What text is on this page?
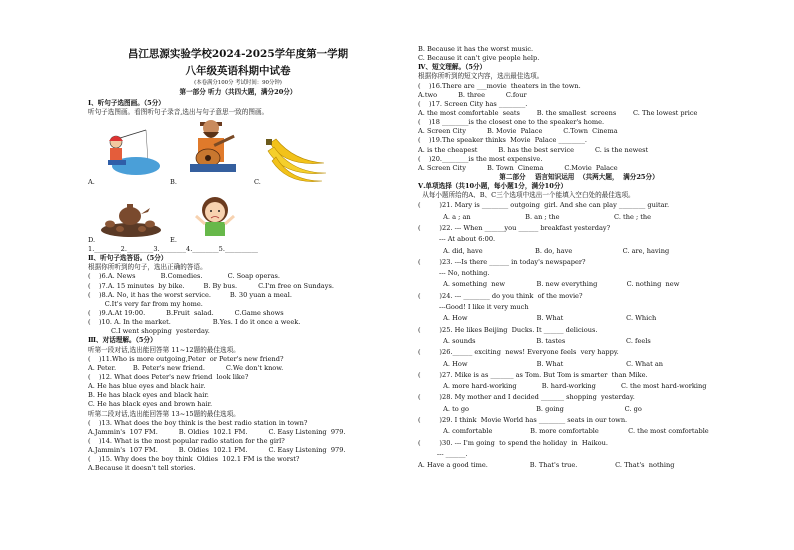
昌江思源实验学校2024-2025学年度第一学期
八年级英语科期中试卷
(本卷满分100分 考试时间：90分钟)
第一部分 听力（共四大题，满分20分）
Ⅰ、听句子选图画。（5分）
听句子选图画。看图听句子录音,选出与句子意思一致的图画。
A.	B.	C.
D.	E.
1.________2.________3.________4.________5.__________
Ⅱ、听句子选答语。（5分）
根据你所听到的句子，选出正确的答语。
(    )6.A. News            B.Comedies.            C. Soap operas.
(    )7.A. 15 minutes  by bike.         B. By bus.          C.I'm free on Sundays.
(    )8.A. No, it has the worst service.         B. 30 yuan a meal.
C.It's very far from my home.
(    )9.A.At 19:00.          B.Fruit  salad.          C.Game shows
(    )10. A. In the market.                    B.Yes. I do it once a week.
C.I went shopping  yesterday.
Ⅲ、对话理解。（5分）
听第一段对话,选出能回答第 11~12题的最佳选项。
(    )11.Who is more outgoing,Peter  or Peter's new friend?
A. Peter.        B. Peter's new friend.          C.We don't know.
(    )12. What does Peter's new friend  look like?
A. He has blue eyes and black hair.
B. He has black eyes and black hair.
C. He has black eyes and brown hair.
听第二段对话,选出能回答第 13~15题的最佳选项。
(    )13. What does the boy think is the best radio station in town?
A.Jammin's  107 FM.          B. Oldies  102.1 FM.          C. Easy Listening  979.
(    )14. What is the most popular radio station for the girl?
A.Jammin's  107 FM.          B. Oldies  102.1 FM.          C. Easy Listening  979.
(    )15. Why does the boy think  Oldies  102.1 FM is the worst?
A.Because it doesn't tell stories.
B. Because it has the worst music.
C. Because it can't give people help.
Ⅳ、短文理解。（5分）
根据你所听到的短文内容，选出最佳选项。
(    )16.There are ___movie  theaters in the town.
A.two          B. three          C.four
(    )17. Screen City has ________.
A. the most comfortable  seats        B. the smallest  screens        C. The lowest price
(    )18 ________is the closest one to the speaker's home.
A. Screen City          B. Movie  Palace          C.Town  Cinema
(    )19.The speaker thinks  Movie  Palace ________.
A. is the cheapest          B. has the best service          C. is the newest
(    )20.________is the most expensive.
A. Screen City          B. Town  Cinema          C.Movie  Palace
第二部分    语言知识运用  （共两大题，  满分25分）
Ⅴ.单项选择（共10小题，每小题1分，满分10分）
从每小题所给的A、B、C三个选项中选出一个能填入空白处的最佳选项。
(         )21. Mary is ________ outgoing  girl. And she can play ________ guitar.
A. a ; an                          B. an ; the                          C. the ; the
(         )22. --- When ______you ______ breakfast yesterday?
--- At about 6:00.
A. did, have                         B. do, have                        C. are, having
(         )23. ---Is there ______ in today's newspaper?
--- No, nothing.
A. something  new               B. new everything              C. nothing  new
(         )24. --- ________ do you think  of the movie?
---Good! I like it very much
A. How                                 B. What                              C. Which
(         )25. He likes Beijing  Ducks. It ______ delicious.
A. sounds                             B. tastes                             C. feels
(         )26.______ exciting  news! Everyone feels  very happy.
A. How                                 B. What                              C. What an
(         )27. Mike is as _______ as Tom. But Tom is smarter  than Mike.
A. more hard-working            B. hard-working            C. the most hard-working
(         )28. My mother and I decided _______ shopping  yesterday.
A. to go                                B. going                             C. go
(         )29. I think  Movie World has ________ seats in our town.
A. comfortable                  B. more comfortable              C. the most comfortable
(         )30. --- I'm going  to spend the holiday  in  Haikou.
--- ______.
A. Have a good time.                    B. That's true.                  C. That's  nothing
